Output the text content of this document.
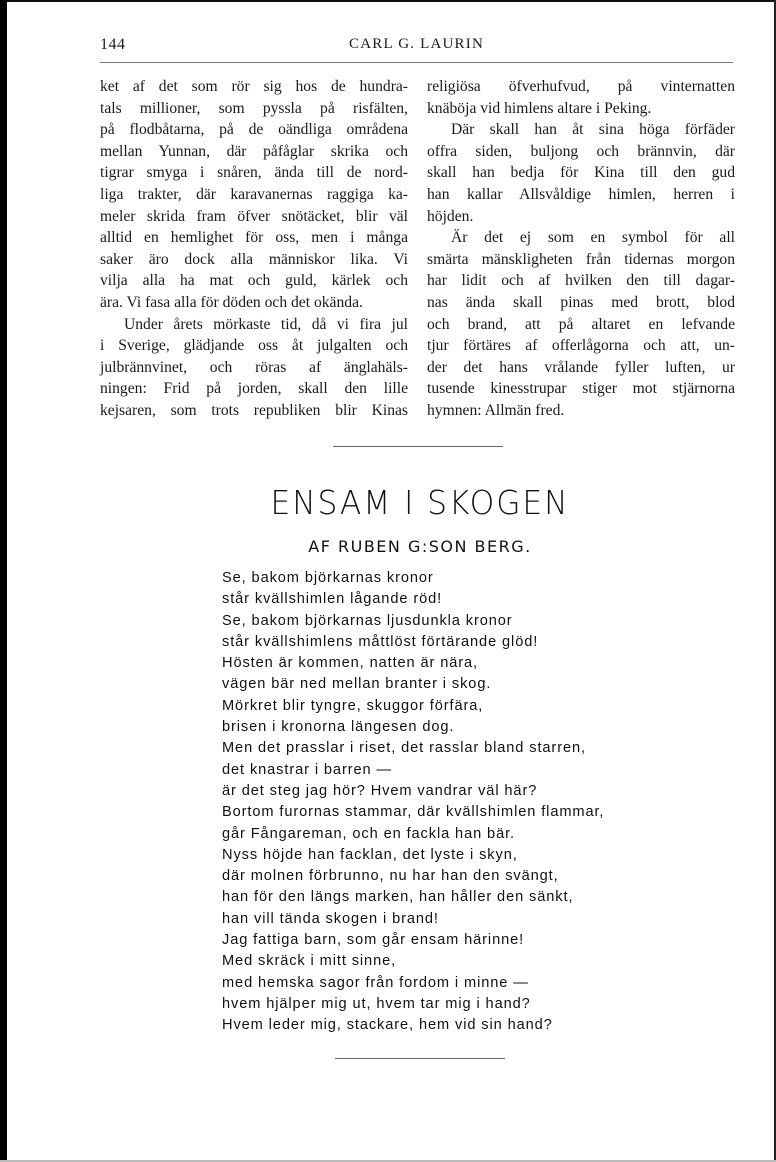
144	CARL G. LAURIN
ket af det som rör sig hos de hundra-
tals millioner, som pyssla på risfälten,
på flodbåtarna, på de oändliga områdena
mellan Yunnan, där påfåglar skrika och
tigrar smyga i snåren, ända till de nord-
liga trakter, där karavanernas raggiga ka-
meler skrida fram öfver snötäcket, blir väl
alltid en hemlighet för oss, men i många
saker äro dock alla människor lika. Vi
vilja alla ha mat och guld, kärlek och
ära. Vi fasa alla för döden och det okända.
Under årets mörkaste tid, då vi fira jul
i Sverige, glädjande oss åt julgalten och
julbrännvinet, och röras af änglahäls-
ningen: Frid på jorden, skall den lille
kejsaren, som trots republiken blir Kinas
religiösa öfverhufvud, på vinternatten
knäböja vid himlens altare i Peking.
Där skall han åt sina höga förfäder
offra siden, buljong och brännvin, där
skall han bedja för Kina till den gud
han kallar Allsvåldige himlen, herren i
höjden.
Är det ej som en symbol för all
smärta mänskligheten från tidernas morgon
har lidit och af hvilken den till dagar-
nas ända skall pinas med brott, blod
och brand, att på altaret en lefvande
tjur förtäres af offerlågorna och att, un-
der det hans vrålande fyller luften, ur
tusende kinesstrupar stiger mot stjärnorna
hymnen: Allmän fred.
ENSAM I SKOGEN
AF RUBEN G:SON BERG.
Se, bakom björkarnas kronor
står kvällshimlen lågande röd!
Se, bakom björkarnas ljusdunkla kronor
står kvällshimlens måttlöst förtärande glöd!
Hösten är kommen, natten är nära,
vägen bär ned mellan branter i skog.
Mörkret blir tyngre, skuggor förfära,
brisen i kronorna längesen dog.
Men det prasslar i riset, det rasslar bland starren,
det knastrar i barren —
är det steg jag hör? Hvem vandrar väl här?
Bortom furornas stammar, där kvällshimlen flammar,
går Fångareman, och en fackla han bär.
Nyss höjde han facklan, det lyste i skyn,
där molnen förbrunno, nu har han den svängt,
han för den längs marken, han håller den sänkt,
han vill tända skogen i brand!
Jag fattiga barn, som går ensam härinne!
Med skräck i mitt sinne,
med hemska sagor från fordom i minne —
hvem hjälper mig ut, hvem tar mig i hand?
Hvem leder mig, stackare, hem vid sin hand?
